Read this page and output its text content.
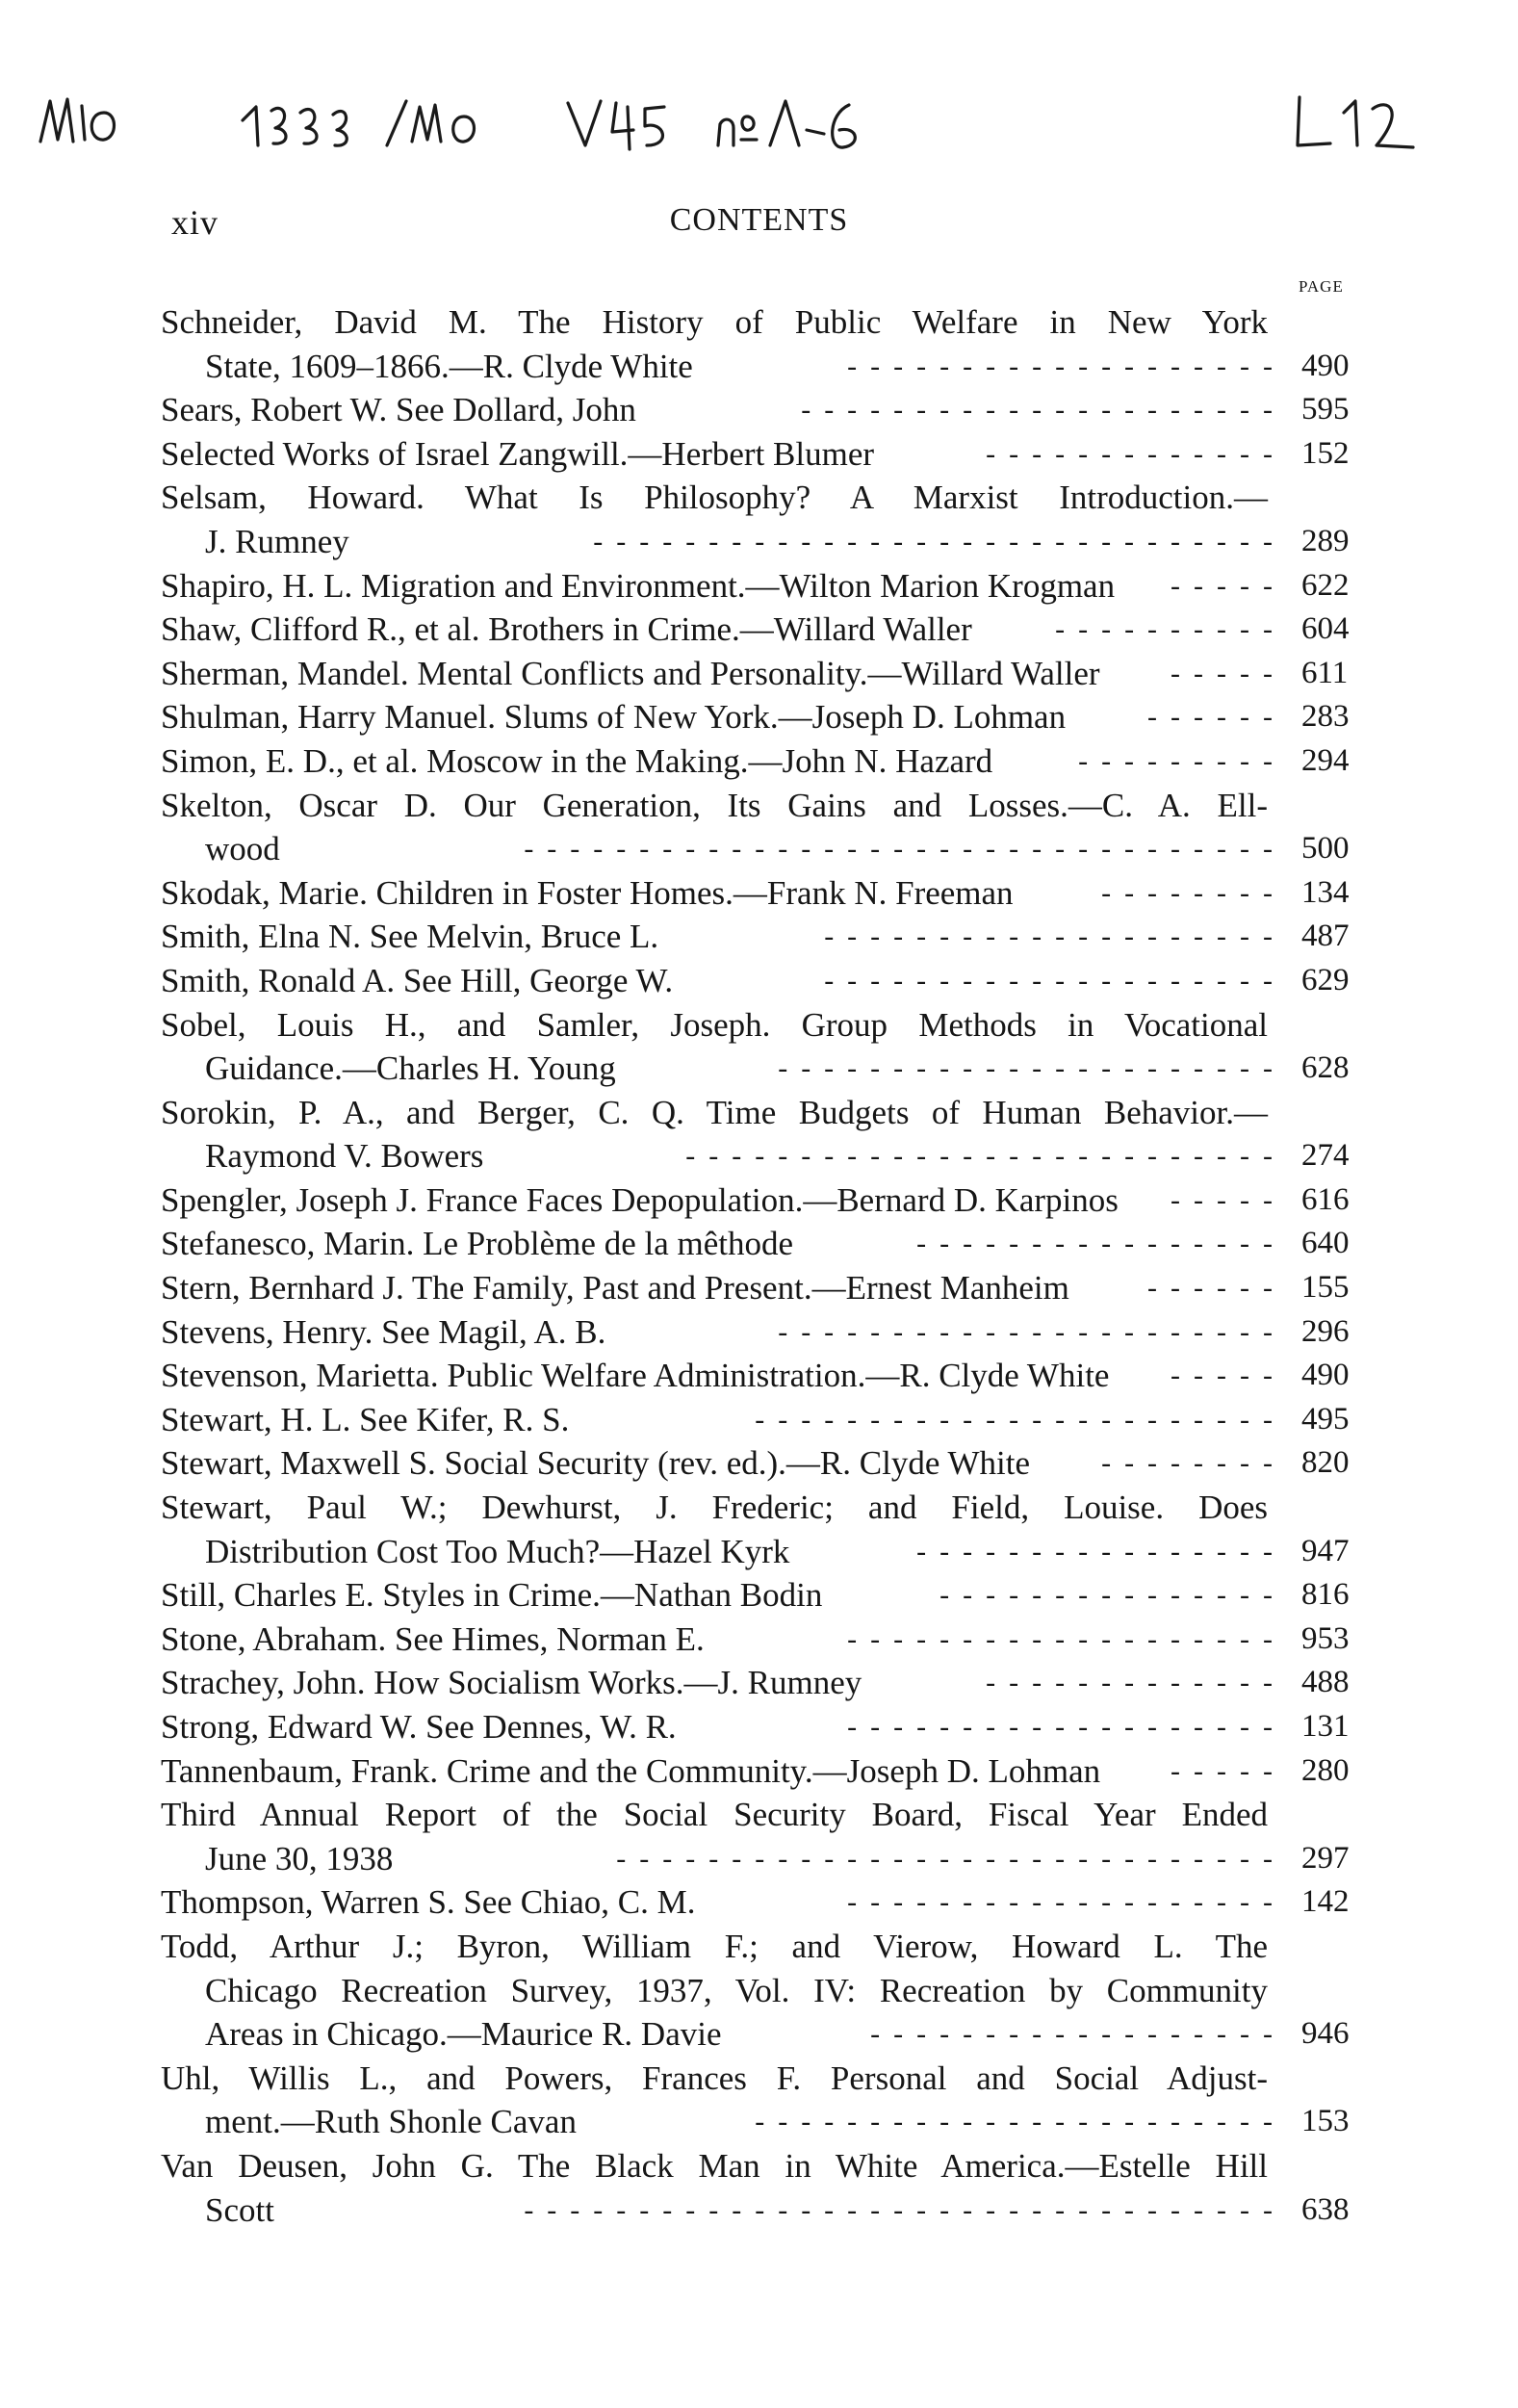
xiv	CONTENTS
PAGE
Schneider, David M. The History of Public Welfare in New York
State, 1609–1866.—R. Clyde White	------------------- 490
Sears, Robert W. See Dollard, John	--------------------- 595
Selected Works of Israel Zangwill.—Herbert Blumer	------------- 152
Selsam, Howard. What Is Philosophy? A Marxist Introduction.—
J. Rumney	------------------------------ 289
Shapiro, H. L. Migration and Environment.—Wilton Marion Krogman	----- 622
Shaw, Clifford R., et al. Brothers in Crime.—Willard Waller	---------- 604
Sherman, Mandel. Mental Conflicts and Personality.—Willard Waller	----- 611
Shulman, Harry Manuel. Slums of New York.—Joseph D. Lohman	------ 283
Simon, E. D., et al. Moscow in the Making.—John N. Hazard	--------- 294
Skelton, Oscar D. Our Generation, Its Gains and Losses.—C. A. Ell-
wood	--------------------------------- 500
Skodak, Marie. Children in Foster Homes.—Frank N. Freeman	-------- 134
Smith, Elna N. See Melvin, Bruce L.	-------------------- 487
Smith, Ronald A. See Hill, George W.	-------------------- 629
Sobel, Louis H., and Samler, Joseph. Group Methods in Vocational
Guidance.—Charles H. Young	---------------------- 628
Sorokin, P. A., and Berger, C. Q. Time Budgets of Human Behavior.—
Raymond V. Bowers	-------------------------- 274
Spengler, Joseph J. France Faces Depopulation.—Bernard D. Karpinos	----- 616
Stefanesco, Marin. Le Problème de la mêthode	---------------- 640
Stern, Bernhard J. The Family, Past and Present.—Ernest Manheim	------ 155
Stevens, Henry. See Magil, A. B.	---------------------- 296
Stevenson, Marietta. Public Welfare Administration.—R. Clyde White	----- 490
Stewart, H. L. See Kifer, R. S.	----------------------- 495
Stewart, Maxwell S. Social Security (rev. ed.).—R. Clyde White	-------- 820
Stewart, Paul W.; Dewhurst, J. Frederic; and Field, Louise. Does
Distribution Cost Too Much?—Hazel Kyrk	---------------- 947
Still, Charles E. Styles in Crime.—Nathan Bodin	--------------- 816
Stone, Abraham. See Himes, Norman E.	------------------- 953
Strachey, John. How Socialism Works.—J. Rumney	------------- 488
Strong, Edward W. See Dennes, W. R.	------------------- 131
Tannenbaum, Frank. Crime and the Community.—Joseph D. Lohman	----- 280
Third Annual Report of the Social Security Board, Fiscal Year Ended
June 30, 1938	----------------------------- 297
Thompson, Warren S. See Chiao, C. M.	------------------- 142
Todd, Arthur J.; Byron, William F.; and Vierow, Howard L. The
Chicago Recreation Survey, 1937, Vol. IV: Recreation by Community
Areas in Chicago.—Maurice R. Davie	------------------ 946
Uhl, Willis L., and Powers, Frances F. Personal and Social Adjust-
ment.—Ruth Shonle Cavan	----------------------- 153
Van Deusen, John G. The Black Man in White America.—Estelle Hill
Scott	--------------------------------- 638
